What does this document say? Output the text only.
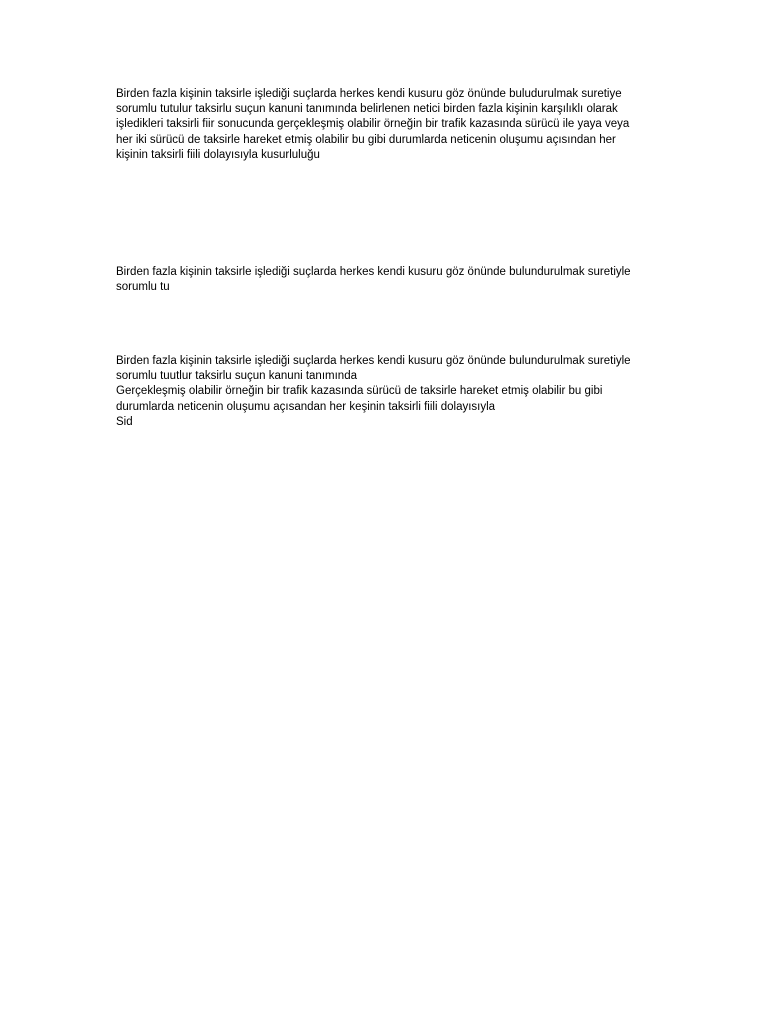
Birden fazla kişinin taksirle işlediği suçlarda herkes kendi kusuru göz önünde buludurulmak suretiye
sorumlu tutulur taksirlu suçun kanuni tanımında belirlenen netici birden fazla kişinin karşılıklı olarak
işledikleri taksirli fiir sonucunda gerçekleşmiş olabilir örneğin bir trafik kazasında sürücü ile yaya veya
her iki sürücü de taksirle hareket etmiş olabilir bu gibi durumlarda neticenin oluşumu açısından her
kişinin taksirli fiili dolayısıyla kusurluluğu

Birden fazla kişinin taksirle işlediği suçlarda herkes kendi kusuru göz önünde bulundurulmak suretiyle
sorumlu tu

Birden fazla kişinin taksirle işlediği suçlarda herkes kendi kusuru göz önünde bulundurulmak suretiyle
sorumlu tuutlur taksirlu suçun kanuni tanımında
Gerçekleşmiş olabilir örneğin bir trafik kazasında sürücü de taksirle hareket etmiş olabilir bu gibi
durumlarda neticenin oluşumu açısandan her keşinin taksirli fiili dolayısıyla
Sid
